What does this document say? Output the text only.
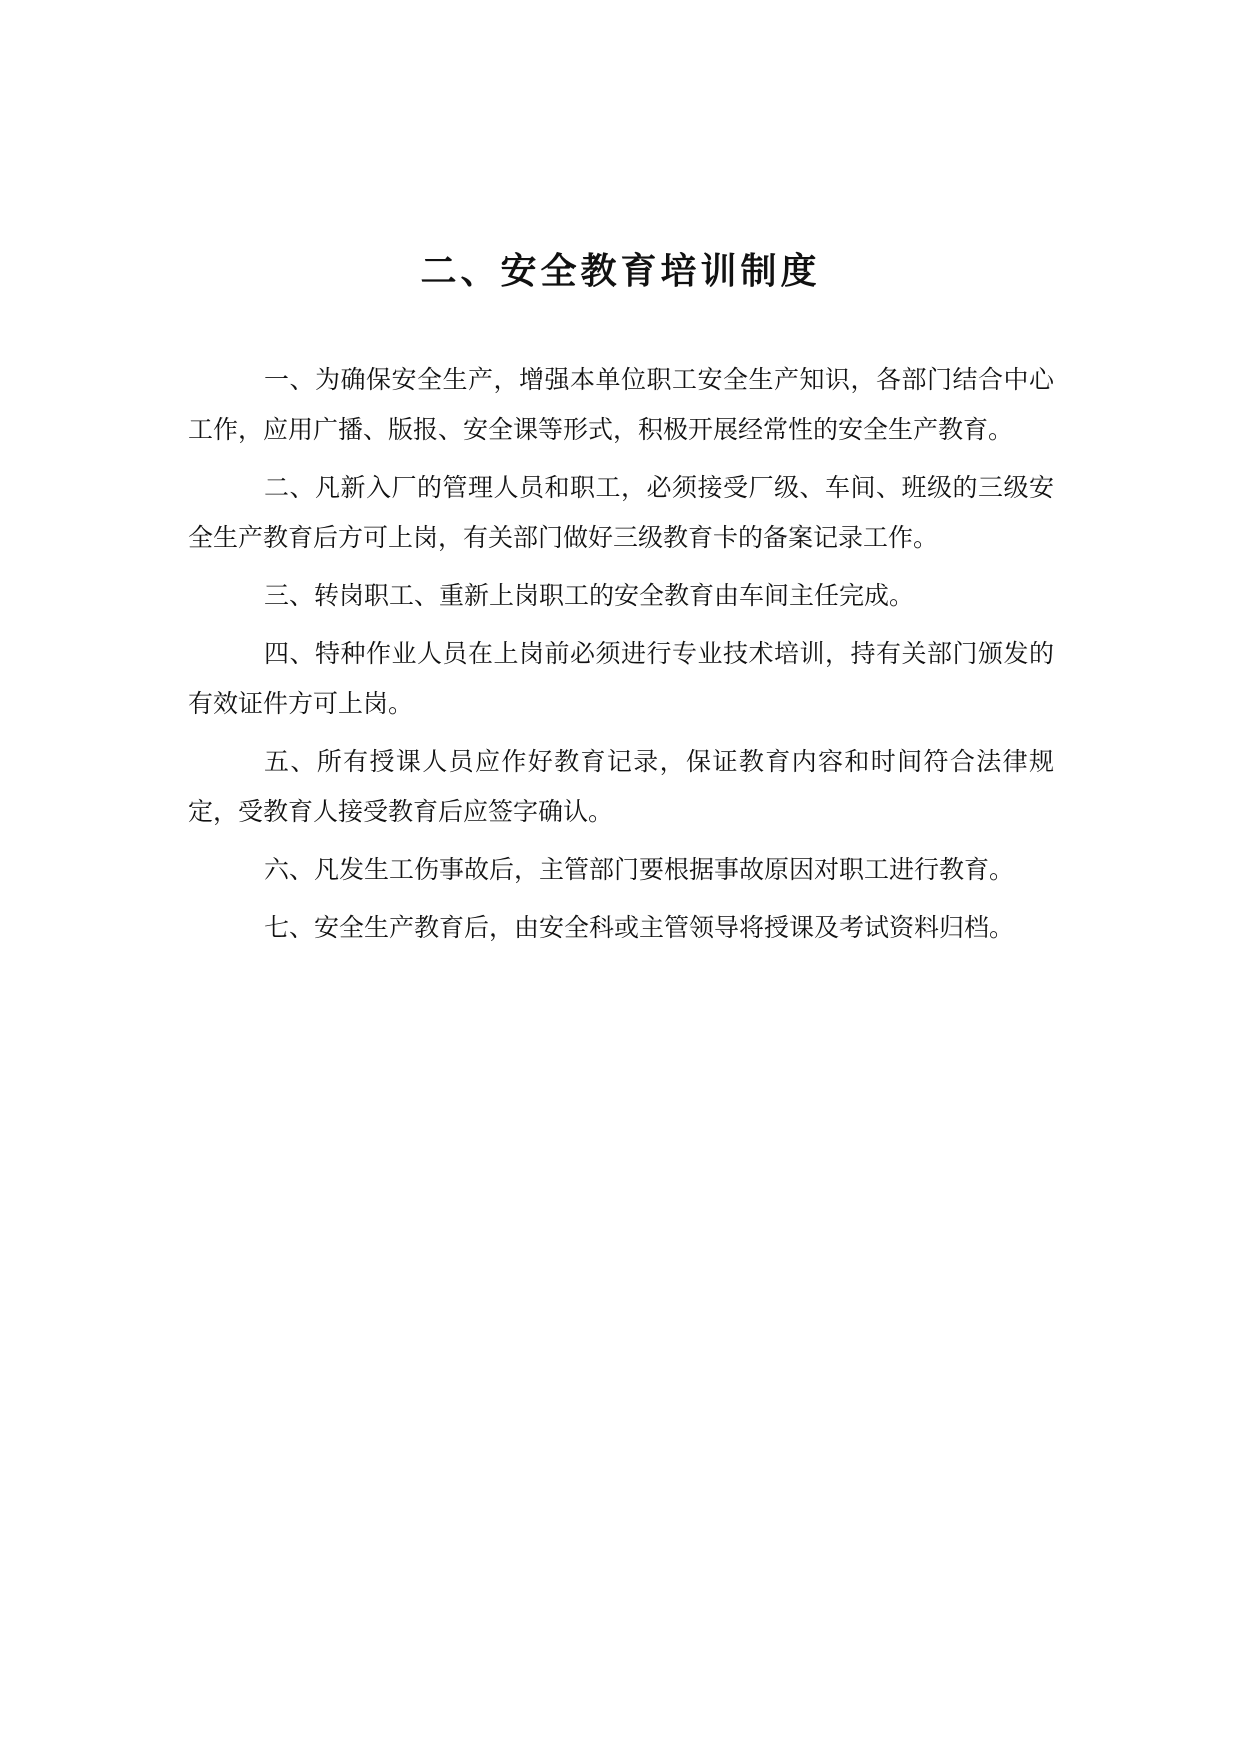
二、安全教育培训制度

一、为确保安全生产，增强本单位职工安全生产知识，各部门结合中心工作，应用广播、版报、安全课等形式，积极开展经常性的安全生产教育。

二、凡新入厂的管理人员和职工，必须接受厂级、车间、班级的三级安全生产教育后方可上岗，有关部门做好三级教育卡的备案记录工作。

三、转岗职工、重新上岗职工的安全教育由车间主任完成。

四、特种作业人员在上岗前必须进行专业技术培训，持有关部门颁发的有效证件方可上岗。

五、所有授课人员应作好教育记录，保证教育内容和时间符合法律规定，受教育人接受教育后应签字确认。

六、凡发生工伤事故后，主管部门要根据事故原因对职工进行教育。

七、安全生产教育后，由安全科或主管领导将授课及考试资料归档。
